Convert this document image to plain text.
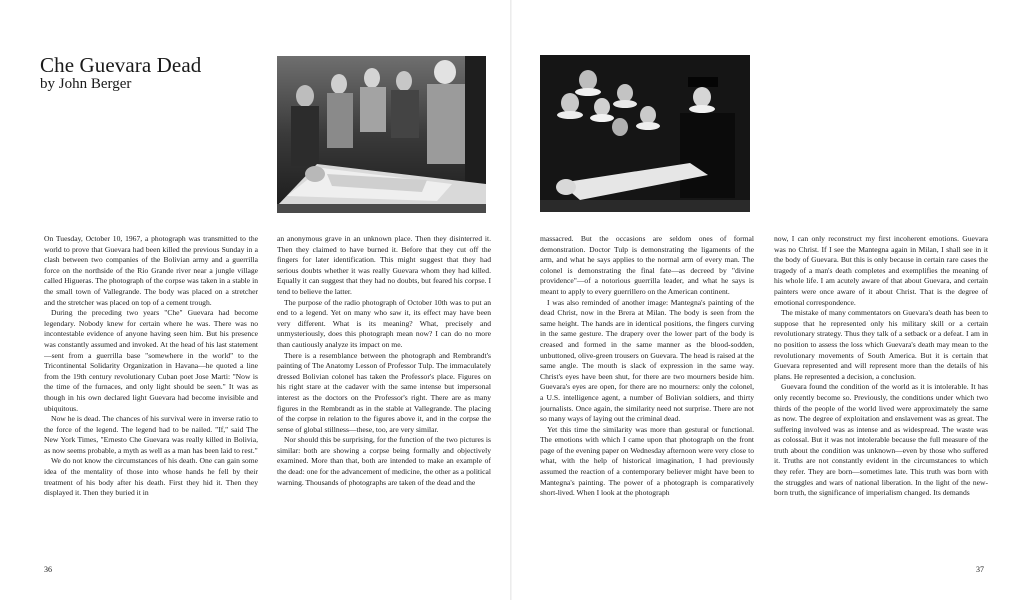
Che Guevara Dead
by John Berger

On Tuesday, October 10, 1967, a photograph was transmitted to the world to prove that Guevara had been killed the previous Sunday in a clash between two companies of the Bolivian army and a guerrilla force on the northside of the Rio Grande river near a jungle village called Higueras. The photograph of the corpse was taken in a stable in the small town of Vallegrande. The body was placed on a stretcher and the stretcher was placed on top of a cement trough.

During the preceding two years "Che" Guevara had become legendary. Nobody knew for certain where he was. There was no incontestable evidence of anyone having seen him. But his presence was constantly assumed and invoked. At the head of his last statement—sent from a guerrilla base "somewhere in the world" to the Tricontinental Solidarity Organization in Havana—he quoted a line from the 19th century revolutionary Cuban poet Jose Marti: "Now is the time of the furnaces, and only light should be seen." It was as though in his own declared light Guevara had become invisible and ubiquitous.

Now he is dead. The chances of his survival were in inverse ratio to the force of the legend. The legend had to be nailed. "If," said The New York Times, "Ernesto Che Guevara was really killed in Bolivia, as now seems probable, a myth as well as a man has been laid to rest."

We do not know the circumstances of his death. One can gain some idea of the mentality of those into whose hands he fell by their treatment of his body after his death. First they hid it. Then they displayed it. Then they buried it in

an anonymous grave in an unknown place. Then they disinterred it. Then they claimed to have burned it. Before that they cut off the fingers for later identification. This might suggest that they had serious doubts whether it was really Guevara whom they had killed. Equally it can suggest that they had no doubts, but feared his corpse. I tend to believe the latter.

The purpose of the radio photograph of October 10th was to put an end to a legend. Yet on many who saw it, its effect may have been very different. What is its meaning? What, precisely and unmysteriously, does this photograph mean now? I can do no more than cautiously analyze its impact on me.

There is a resemblance between the photograph and Rembrandt's painting of The Anatomy Lesson of Professor Tulp. The immaculately dressed Bolivian colonel has taken the Professor's place. Figures on his right stare at the cadaver with the same intense but impersonal interest as the doctors on the Professor's right. There are as many figures in the Rembrandt as in the stable at Vallegrande. The placing of the corpse in relation to the figures above it, and in the corpse the sense of global stillness—these, too, are very similar.

Nor should this be surprising, for the function of the two pictures is similar: both are showing a corpse being formally and objectively examined. More than that, both are intended to make an example of the dead: one for the advancement of medicine, the other as a political warning. Thousands of photographs are taken of the dead and the

massacred. But the occasions are seldom ones of formal demonstration. Doctor Tulp is demonstrating the ligaments of the arm, and what he says applies to the normal arm of every man. The colonel is demonstrating the final fate—as decreed by "divine providence"—of a notorious guerrilla leader, and what he says is meant to apply to every guerrillero on the American continent.

I was also reminded of another image: Mantegna's painting of the dead Christ, now in the Brera at Milan. The body is seen from the same height. The hands are in identical positions, the fingers curving in the same gesture. The drapery over the lower part of the body is creased and formed in the same manner as the blood-sodden, unbuttoned, olive-green trousers on Guevara. The head is raised at the same angle. The mouth is slack of expression in the same way. Christ's eyes have been shut, for there are two mourners beside him. Guevara's eyes are open, for there are no mourners: only the colonel, a U.S. intelligence agent, a number of Bolivian soldiers, and thirty journalists. Once again, the similarity need not surprise. There are not so many ways of laying out the criminal dead.

Yet this time the similarity was more than gestural or functional. The emotions with which I came upon that photograph on the front page of the evening paper on Wednesday afternoon were very close to what, with the help of historical imagination, I had previously assumed the reaction of a contemporary believer might have been to Mantegna's painting. The power of a photograph is comparatively short-lived. When I look at the photograph

now, I can only reconstruct my first incoherent emotions. Guevara was no Christ. If I see the Mantegna again in Milan, I shall see in it the body of Guevara. But this is only because in certain rare cases the tragedy of a man's death completes and exemplifies the meaning of his whole life. I am acutely aware of that about Guevara, and certain painters were once aware of it about Christ. That is the degree of emotional correspondence.

The mistake of many commentators on Guevara's death has been to suppose that he represented only his military skill or a certain revolutionary strategy. Thus they talk of a setback or a defeat. I am in no position to assess the loss which Guevara's death may mean to the revolutionary movements of South America. But it is certain that Guevara represented and will represent more than the details of his plans. He represented a decision, a conclusion.

Guevara found the condition of the world as it is intolerable. It has only recently become so. Previously, the conditions under which two thirds of the people of the world lived were approximately the same as now. The degree of exploitation and enslavement was as great. The suffering involved was as intense and as widespread. The waste was as colossal. But it was not intolerable because the full measure of the truth about the condition was unknown—even by those who suffered it. Truths are not constantly evident in the circumstances to which they refer. They are born—sometimes late. This truth was born with the struggles and wars of national liberation. In the light of the new-born truth, the significance of imperialism changed. Its demands

36	37
